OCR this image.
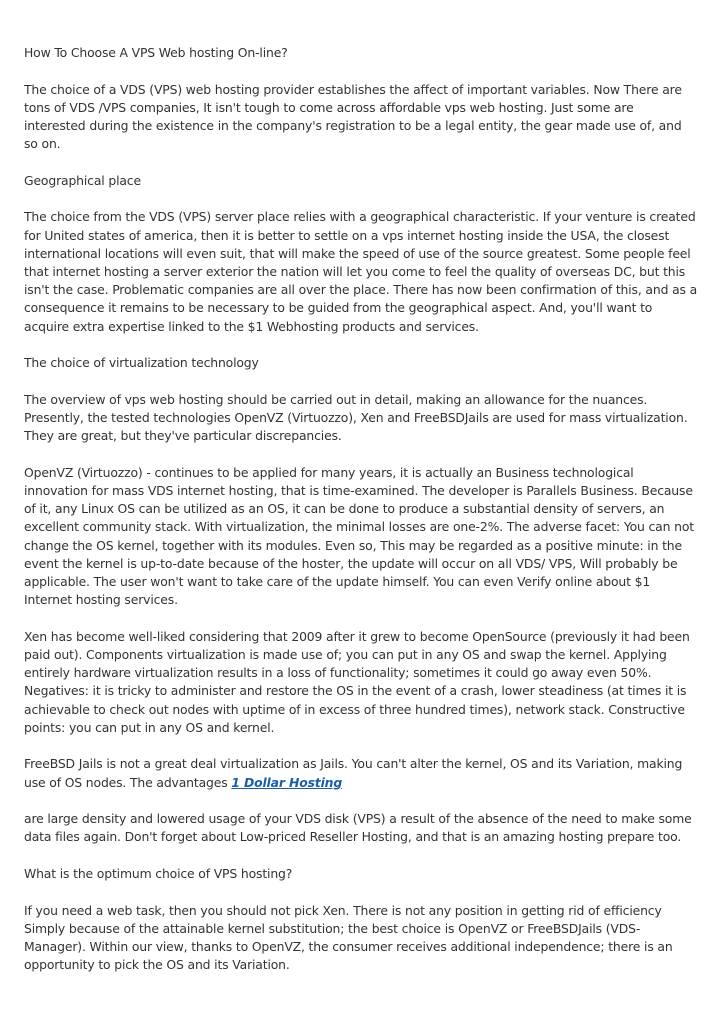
How To Choose A VPS Web hosting On-line?

The choice of a VDS (VPS) web hosting provider establishes the affect of important variables. Now There are tons of VDS /VPS companies, It isn't tough to come across affordable vps web hosting. Just some are interested during the existence in the company's registration to be a legal entity, the gear made use of, and so on.

Geographical place

The choice from the VDS (VPS) server place relies with a geographical characteristic. If your venture is created for United states of america, then it is better to settle on a vps internet hosting inside the USA, the closest international locations will even suit, that will make the speed of use of the source greatest. Some people feel that internet hosting a server exterior the nation will let you come to feel the quality of overseas DC, but this isn't the case. Problematic companies are all over the place. There has now been confirmation of this, and as a consequence it remains to be necessary to be guided from the geographical aspect. And, you'll want to acquire extra expertise linked to the $1 Webhosting products and services.

The choice of virtualization technology

The overview of vps web hosting should be carried out in detail, making an allowance for the nuances. Presently, the tested technologies OpenVZ (Virtuozzo), Xen and FreeBSDJails are used for mass virtualization. They are great, but they've particular discrepancies.

OpenVZ (Virtuozzo) - continues to be applied for many years, it is actually an Business technological innovation for mass VDS internet hosting, that is time-examined. The developer is Parallels Business. Because of it, any Linux OS can be utilized as an OS, it can be done to produce a substantial density of servers, an excellent community stack. With virtualization, the minimal losses are one-2%. The adverse facet: You can not change the OS kernel, together with its modules. Even so, This may be regarded as a positive minute: in the event the kernel is up-to-date because of the hoster, the update will occur on all VDS/ VPS, Will probably be applicable. The user won't want to take care of the update himself. You can even Verify online about $1 Internet hosting services.

Xen has become well-liked considering that 2009 after it grew to become OpenSource (previously it had been paid out). Components virtualization is made use of; you can put in any OS and swap the kernel. Applying entirely hardware virtualization results in a loss of functionality; sometimes it could go away even 50%. Negatives: it is tricky to administer and restore the OS in the event of a crash, lower steadiness (at times it is achievable to check out nodes with uptime of in excess of three hundred times), network stack. Constructive points: you can put in any OS and kernel.

FreeBSD Jails is not a great deal virtualization as Jails. You can't alter the kernel, OS and its Variation, making use of OS nodes. The advantages 1 Dollar Hosting

are large density and lowered usage of your VDS disk (VPS) a result of the absence of the need to make some data files again. Don't forget about Low-priced Reseller Hosting, and that is an amazing hosting prepare too.

What is the optimum choice of VPS hosting?

If you need a web task, then you should not pick Xen. There is not any position in getting rid of efficiency Simply because of the attainable kernel substitution; the best choice is OpenVZ or FreeBSDJails (VDS-Manager). Within our view, thanks to OpenVZ, the consumer receives additional independence; there is an opportunity to pick the OS and its Variation.
